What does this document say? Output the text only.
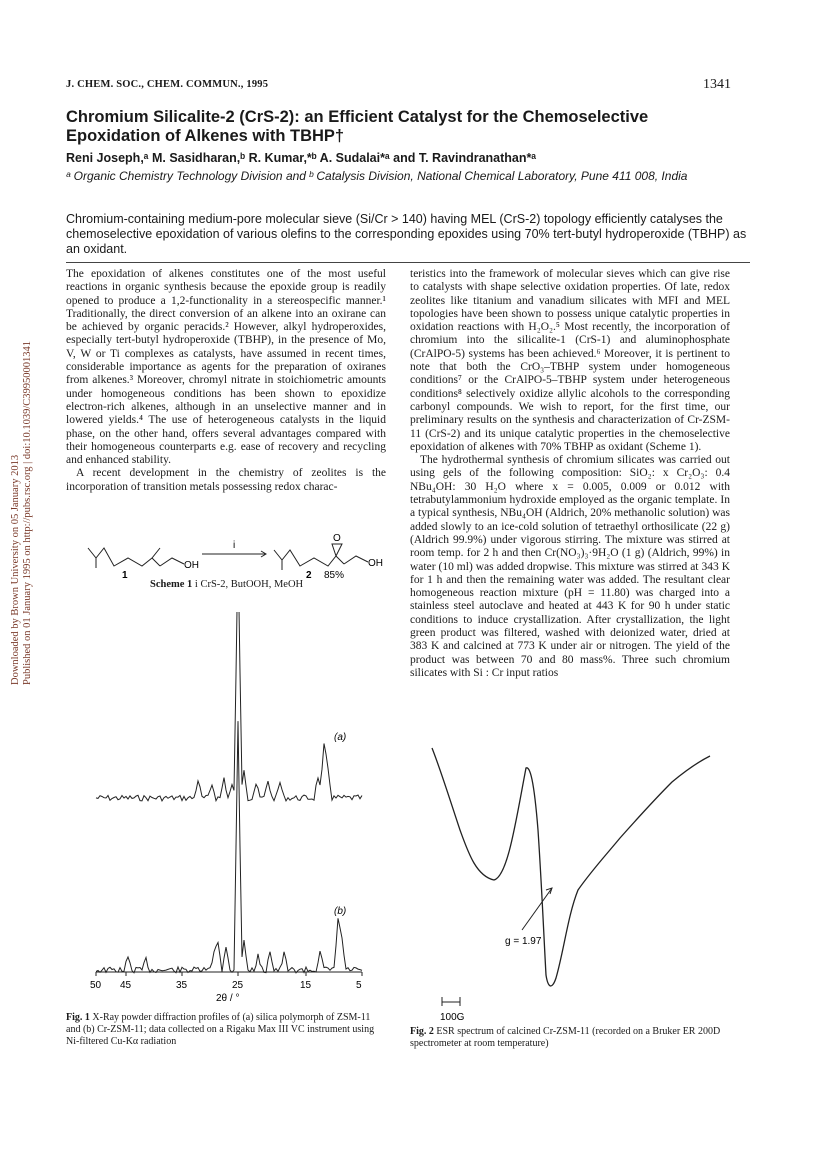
Downloaded by Brown University on 05 January 2013 Published on 01 January 1995 on http://pubs.rsc.org | doi:10.1039/C39950001341
J. CHEM. SOC., CHEM. COMMUN., 1995	1341
Chromium Silicalite-2 (CrS-2): an Efficient Catalyst for the Chemoselective Epoxidation of Alkenes with TBHP†
Reni Joseph,ᵃ M. Sasidharan,ᵇ R. Kumar,*ᵇ A. Sudalai*ᵃ and T. Ravindranathan*ᵃ
ᵃ Organic Chemistry Technology Division and ᵇ Catalysis Division, National Chemical Laboratory, Pune 411 008, India
Chromium-containing medium-pore molecular sieve (Si/Cr > 140) having MEL (CrS-2) topology efficiently catalyses the chemoselective epoxidation of various olefins to the corresponding epoxides using 70% tert-butyl hydroperoxide (TBHP) as an oxidant.

The epoxidation of alkenes constitutes one of the most useful reactions in organic synthesis because the epoxide group is readily opened to produce a 1,2-functionality in a stereospecific manner.¹ Traditionally, the direct conversion of an alkene into an oxirane can be achieved by organic peracids.² However, alkyl hydroperoxides, especially tert-butyl hydroperoxide (TBHP), in the presence of Mo, V, W or Ti complexes as catalysts, have assumed in recent times, considerable importance as agents for the preparation of oxiranes from alkenes.³ Moreover, chromyl nitrate in stoichiometric amounts under homogeneous conditions has been shown to epoxidize electron-rich alkenes, although in an unselective manner and in lowered yields.⁴ The use of heterogeneous catalysts in the liquid phase, on the other hand, offers several advantages compared with their homogeneous counterparts e.g. ease of recovery and recycling and enhanced stability.

A recent development in the chemistry of zeolites is the incorporation of transition metals possessing redox charac-

teristics into the framework of molecular sieves which can give rise to catalysts with shape selective oxidation properties. Of late, redox zeolites like titanium and vanadium silicates with MFI and MEL topologies have been shown to possess unique catalytic properties in oxidation reactions with H₂O₂.⁵ Most recently, the incorporation of chromium into the silicalite-1 (CrS-1) and aluminophosphate (CrAlPO-5) systems has been achieved.⁶ Moreover, it is pertinent to note that both the CrO₃–TBHP system under homogeneous conditions⁷ or the CrAlPO-5–TBHP system under heterogeneous conditions⁸ selectively oxidize allylic alcohols to the corresponding carbonyl compounds. We wish to report, for the first time, our preliminary results on the synthesis and characterization of Cr-ZSM-11 (CrS-2) and its unique catalytic properties in the chemoselective epoxidation of alkenes with 70% TBHP as oxidant (Scheme 1).

The hydrothermal synthesis of chromium silicates was carried out using gels of the following composition: SiO₂: x Cr₂O₃: 0.4 NBu₄OH: 30 H₂O where x = 0.005, 0.009 or 0.012 with tetrabutylammonium hydroxide employed as the organic template. In a typical synthesis, NBu₄OH (Aldrich, 20% methanolic solution) was added slowly to an ice-cold solution of tetraethyl orthosilicate (22 g) (Aldrich 99.9%) under vigorous stirring. The mixture was stirred at room temp. for 2 h and then Cr(NO₃)₃·9H₂O (1 g) (Aldrich, 99%) in water (10 ml) was added dropwise. This mixture was stirred at 343 K for 1 h and then the remaining water was added. The resultant clear homogeneous reaction mixture (pH = 11.80) was charged into a stainless steel autoclave and heated at 443 K for 90 h under static conditions to induce crystallization. After crystallization, the light green product was filtered, washed with deionized water, dried at 383 K and calcined at 773 K under air or nitrogen. The yield of the product was between 70 and 80 mass%. Three such chromium silicates with Si : Cr input ratios

OH	OH
O
i
1	2 85%
Scheme 1 i CrS-2, ButOOH, MeOH
(a)
(b)
50 45	35	25	15	5
2θ / °
Fig. 1 X-Ray powder diffraction profiles of (a) silica polymorph of ZSM-11 and (b) Cr-ZSM-11; data collected on a Rigaku Max III VC instrument using Ni-filtered Cu-Kα radiation
g = 1.97
100G
Fig. 2 ESR spectrum of calcined Cr-ZSM-11 (recorded on a Bruker ER 200D spectrometer at room temperature)
